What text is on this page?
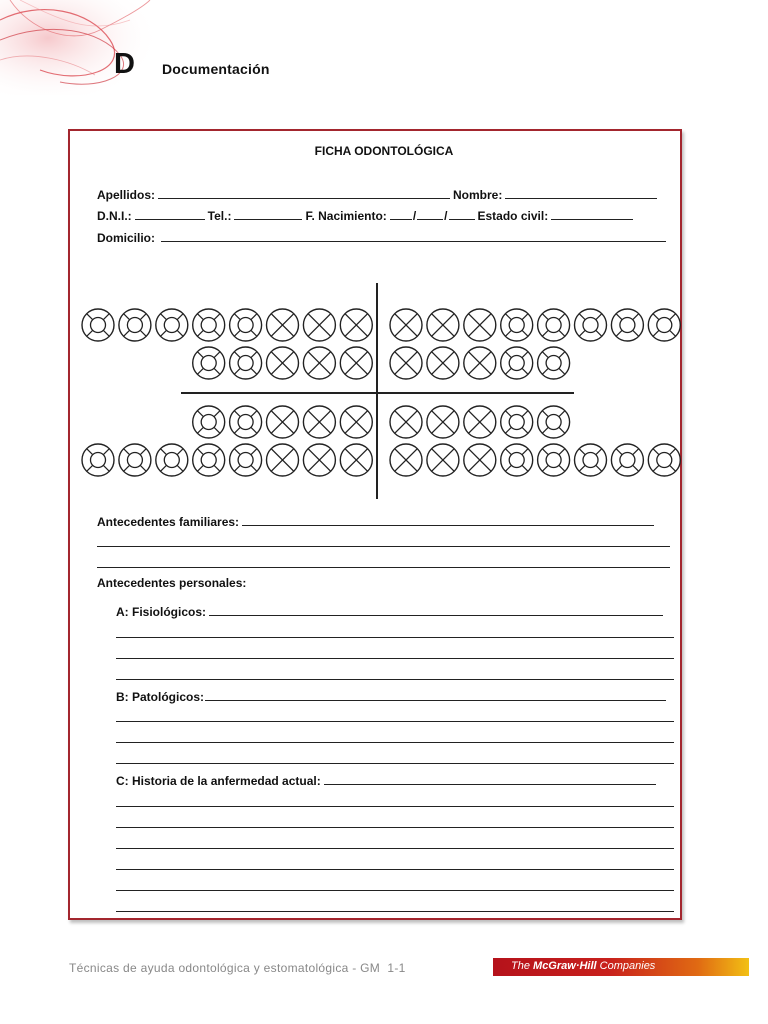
D Documentación
FICHA ODONTOLÓGICA
Apellidos:	Nombre:
D.N.I.:	Tel.:	F. Nacimiento: / /	Estado civil:
Domicilio:
Antecedentes familiares:
Antecedentes personales:
A: Fisiológicos:
B: Patológicos:
C: Historia de la anfermedad actual:
Técnicas de ayuda odontológica y estomatológica - GM 1-1	The McGraw·Hill Companies
